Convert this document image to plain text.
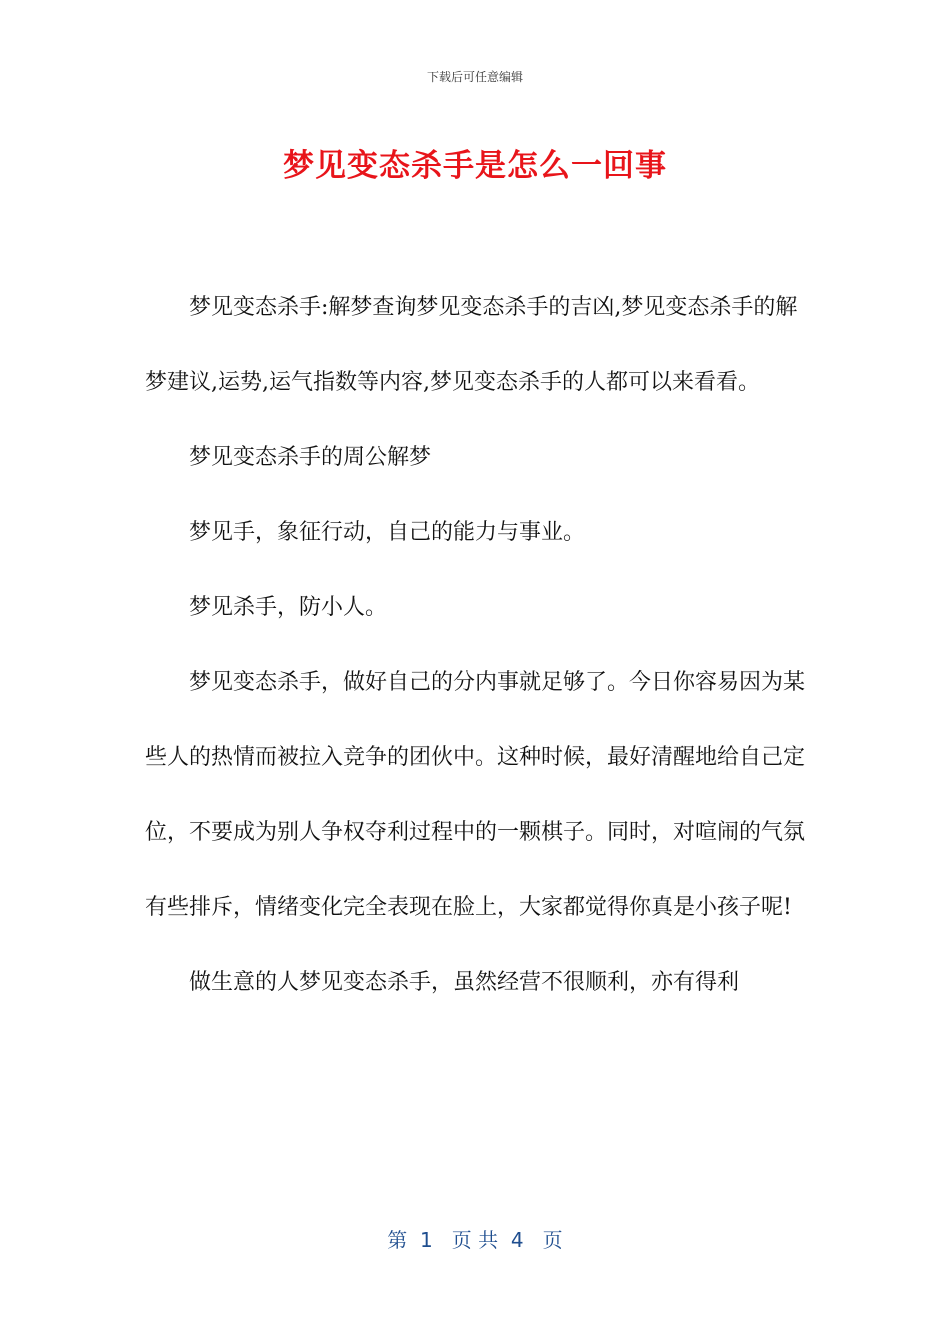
下载后可任意编辑
梦见变态杀手是怎么一回事

梦见变态杀手:解梦查询梦见变态杀手的吉凶,梦见变态杀手的解梦建议,运势,运气指数等内容,梦见变态杀手的人都可以来看看。

梦见变态杀手的周公解梦

梦见手，象征行动，自己的能力与事业。

梦见杀手，防小人。

梦见变态杀手，做好自己的分内事就足够了。今日你容易因为某些人的热情而被拉入竞争的团伙中。这种时候，最好清醒地给自己定位，不要成为别人争权夺利过程中的一颗棋子。同时，对喧闹的气氛有些排斥，情绪变化完全表现在脸上，大家都觉得你真是小孩子呢!

做生意的人梦见变态杀手，虽然经营不很顺利，亦有得利

第  1   页 共  4   页
